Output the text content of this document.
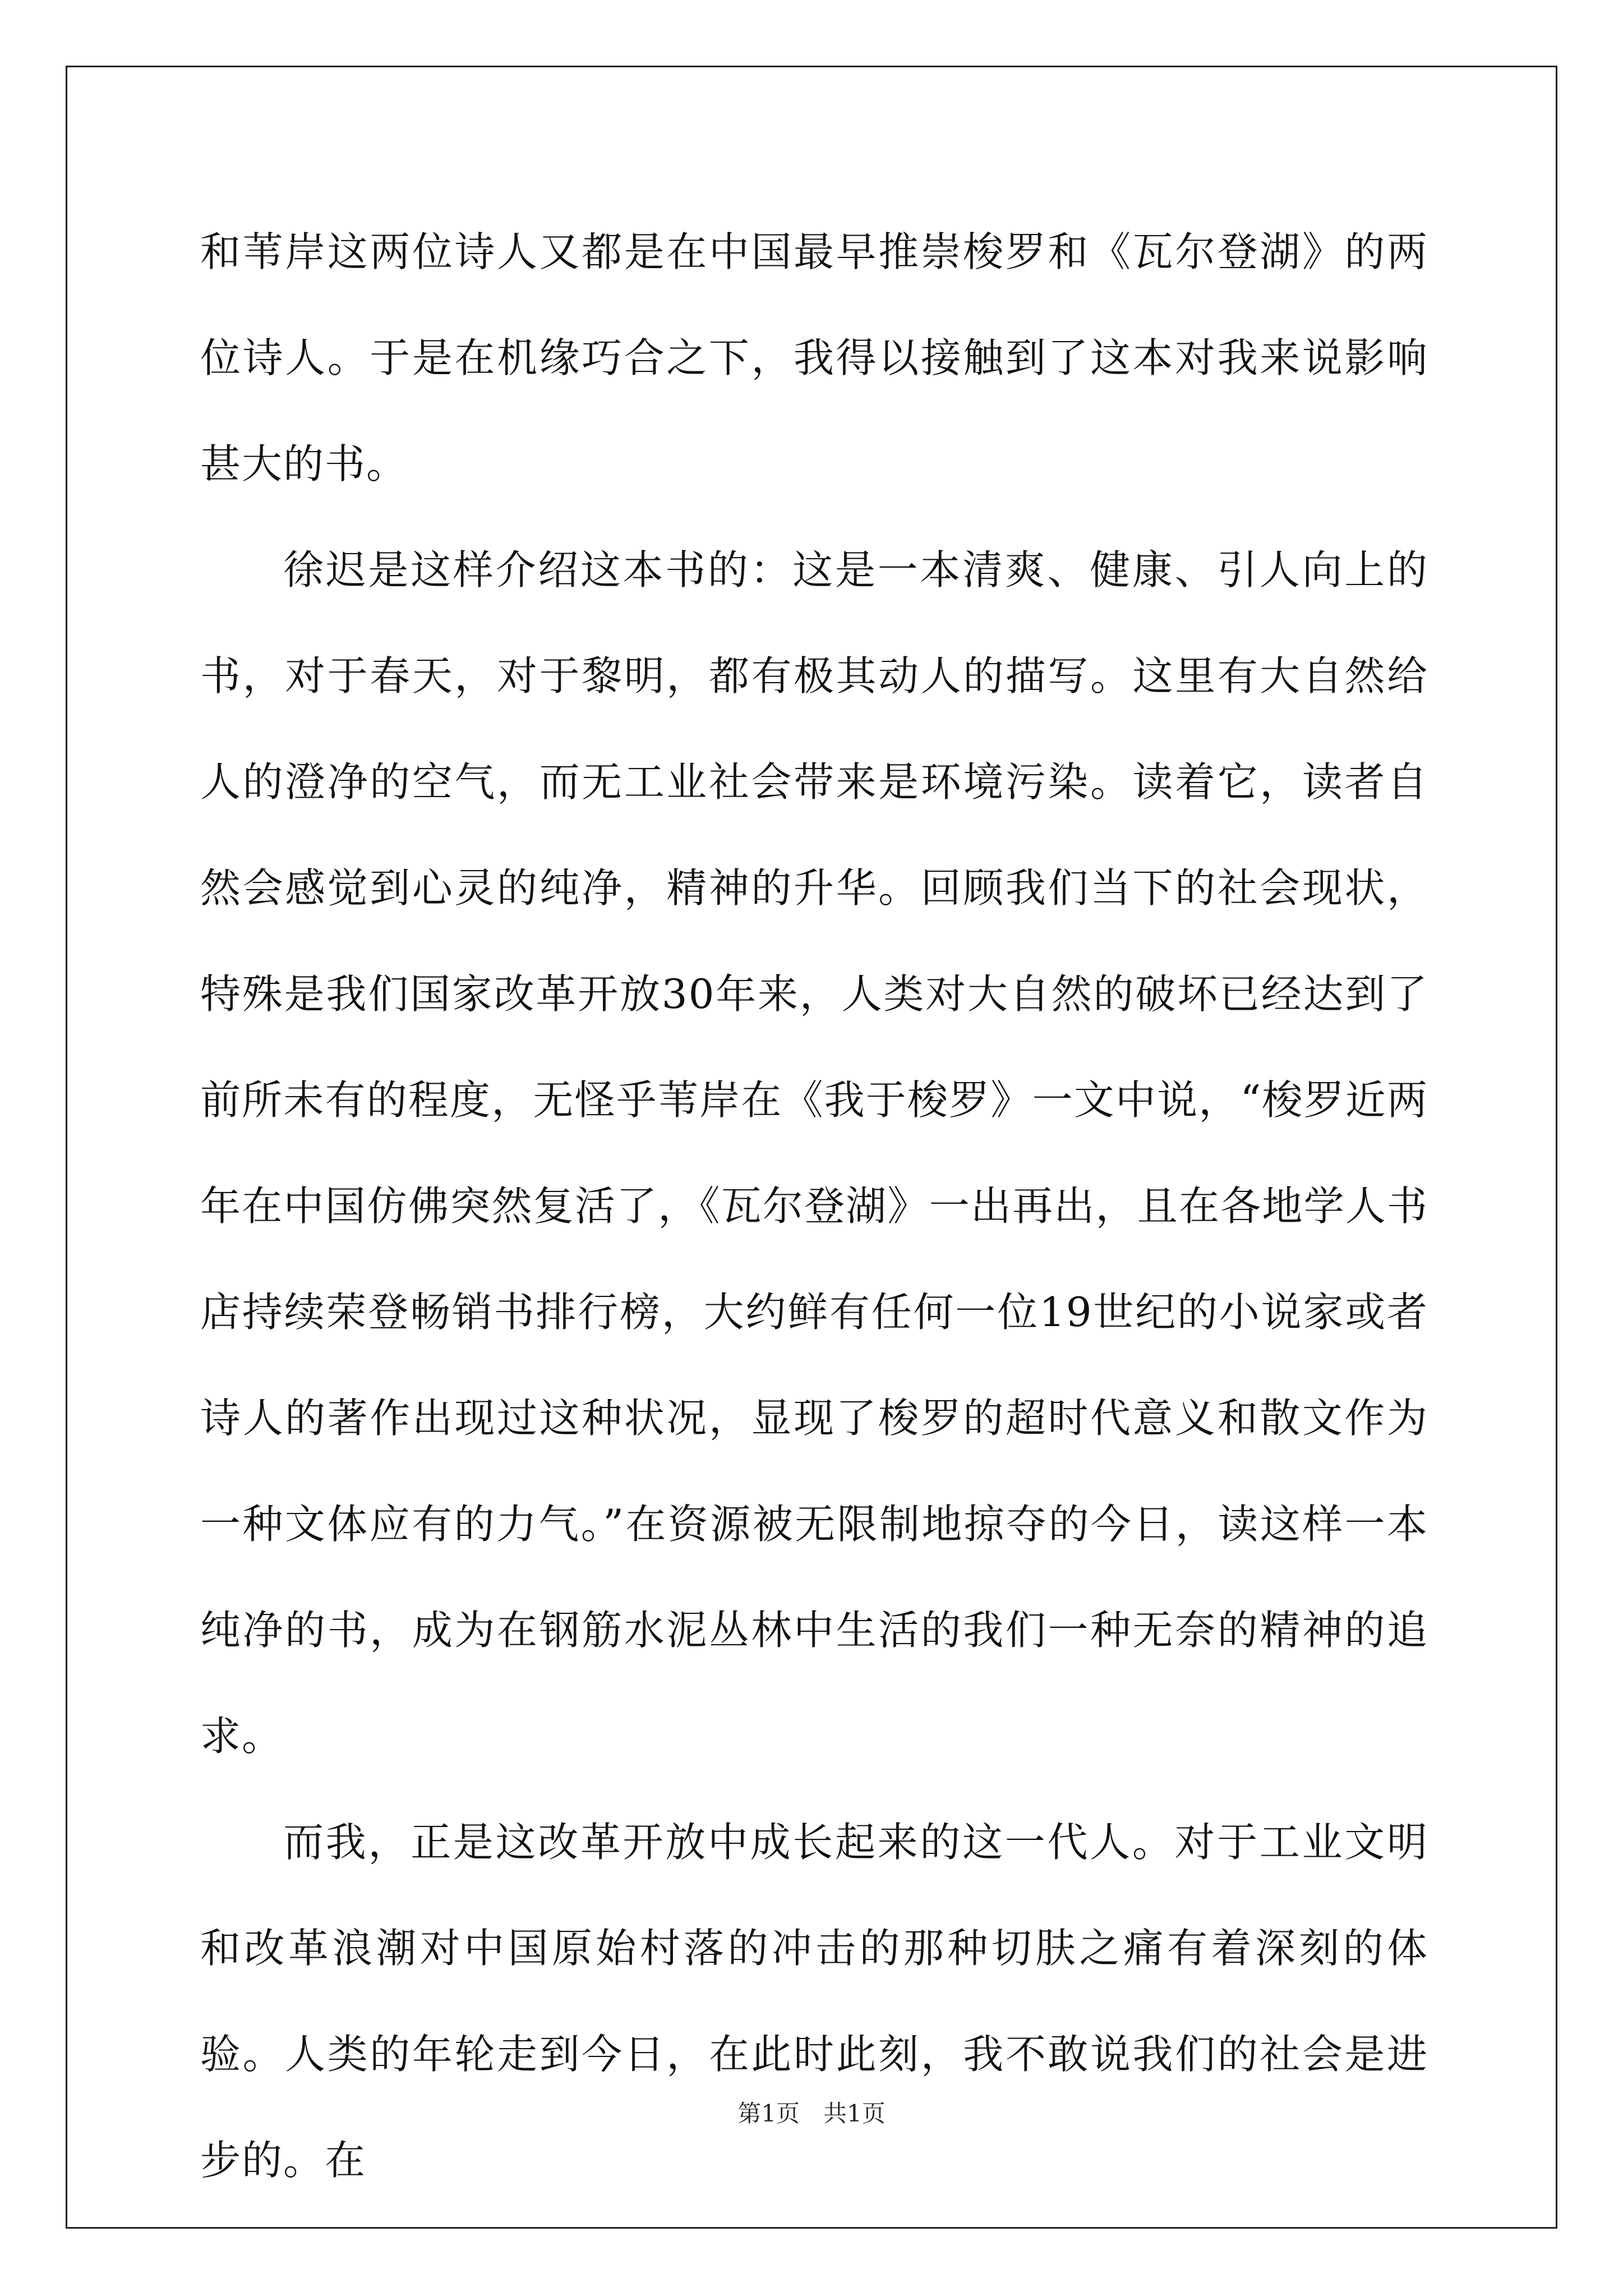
和苇岸这两位诗人又都是在中国最早推崇梭罗和《瓦尔登湖》的两位诗人。于是在机缘巧合之下，我得以接触到了这本对我来说影响甚大的书。

徐迟是这样介绍这本书的：这是一本清爽、健康、引人向上的书，对于春天，对于黎明，都有极其动人的描写。这里有大自然给人的澄净的空气，而无工业社会带来是环境污染。读着它，读者自然会感觉到心灵的纯净，精神的升华。回顾我们当下的社会现状，特殊是我们国家改革开放30年来，人类对大自然的破坏已经达到了前所未有的程度，无怪乎苇岸在《我于梭罗》一文中说，“梭罗近两年在中国仿佛突然复活了，《瓦尔登湖》一出再出，且在各地学人书店持续荣登畅销书排行榜，大约鲜有任何一位19世纪的小说家或者诗人的著作出现过这种状况，显现了梭罗的超时代意义和散文作为一种文体应有的力气。”在资源被无限制地掠夺的今日，读这样一本纯净的书，成为在钢筋水泥丛林中生活的我们一种无奈的精神的追求。

而我，正是这改革开放中成长起来的这一代人。对于工业文明和改革浪潮对中国原始村落的冲击的那种切肤之痛有着深刻的体验。人类的年轮走到今日，在此时此刻，我不敢说我们的社会是进步的。在

第1页　共1页
